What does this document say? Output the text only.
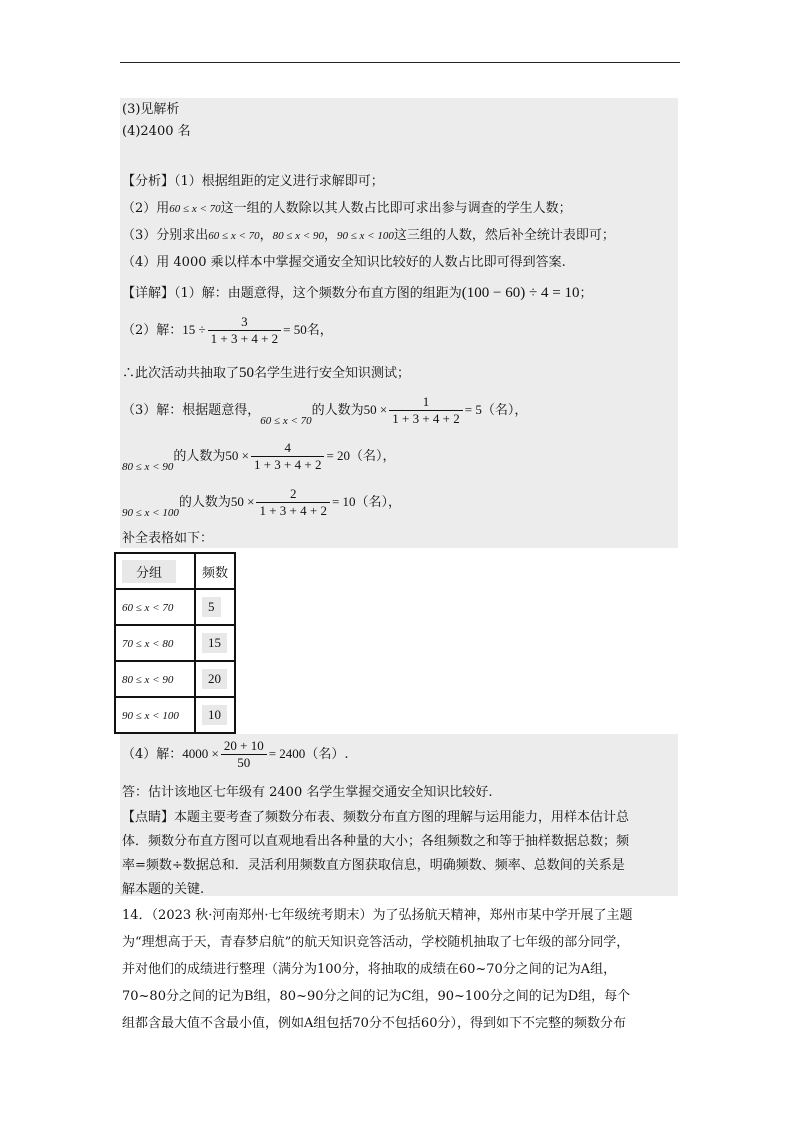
(3)见解析
(4)2400 名
【分析】（1）根据组距的定义进行求解即可；
（2）用60 ≤ x < 70这一组的人数除以其人数占比即可求出参与调查的学生人数；
（3）分别求出60 ≤ x < 70，80 ≤ x < 90，90 ≤ x < 100这三组的人数，然后补全统计表即可；
（4）用 4000 乘以样本中掌握交通安全知识比较好的人数占比即可得到答案.
【详解】（1）解：由题意得，这个频数分布直方图的组距为(100 − 60) ÷ 4 = 10；
（2）解：$15 \div \frac{3}{1 + 3 + 4 + 2} = 50$名，
∴此次活动共抽取了50名学生进行安全知识测试；
（3）解：根据题意得，$_{60 \le x < 70}$的人数为$50 \times \frac{1}{1 + 3 + 4 + 2} = 5$（名），
$_{80 \le x < 90}$的人数为$50 \times \frac{4}{1 + 3 + 4 + 2} = 20$（名），
$_{90 \le x < 100}$的人数为$50 \times \frac{2}{1 + 3 + 4 + 2} = 10$（名），
补全表格如下：
分组	频数
60 ≤ x < 70	5
70 ≤ x < 80	15
80 ≤ x < 90	20
90 ≤ x < 100	10
（4）解：$4000 \times \frac{20 + 10}{50} = 2400$（名）.
答：估计该地区七年级有 2400 名学生掌握交通安全知识比较好.
【点睛】本题主要考查了频数分布表、频数分布直方图的理解与运用能力，用样本估计总
体．频数分布直方图可以直观地看出各种量的大小；各组频数之和等于抽样数据总数；频
率=频数÷数据总和．灵活利用频数直方图获取信息，明确频数、频率、总数间的关系是
解本题的关键.
14．（2023 秋·河南郑州·七年级统考期末）为了弘扬航天精神，郑州市某中学开展了主题
为“理想高于天，青春梦启航”的航天知识竞答活动，学校随机抽取了七年级的部分同学，
并对他们的成绩进行整理（满分为100分，将抽取的成绩在60~70分之间的记为A组，
70~80分之间的记为B组，80~90分之间的记为C组，90~100分之间的记为D组，每个
组都含最大值不含最小值，例如A组包括70分不包括60分），得到如下不完整的频数分布
